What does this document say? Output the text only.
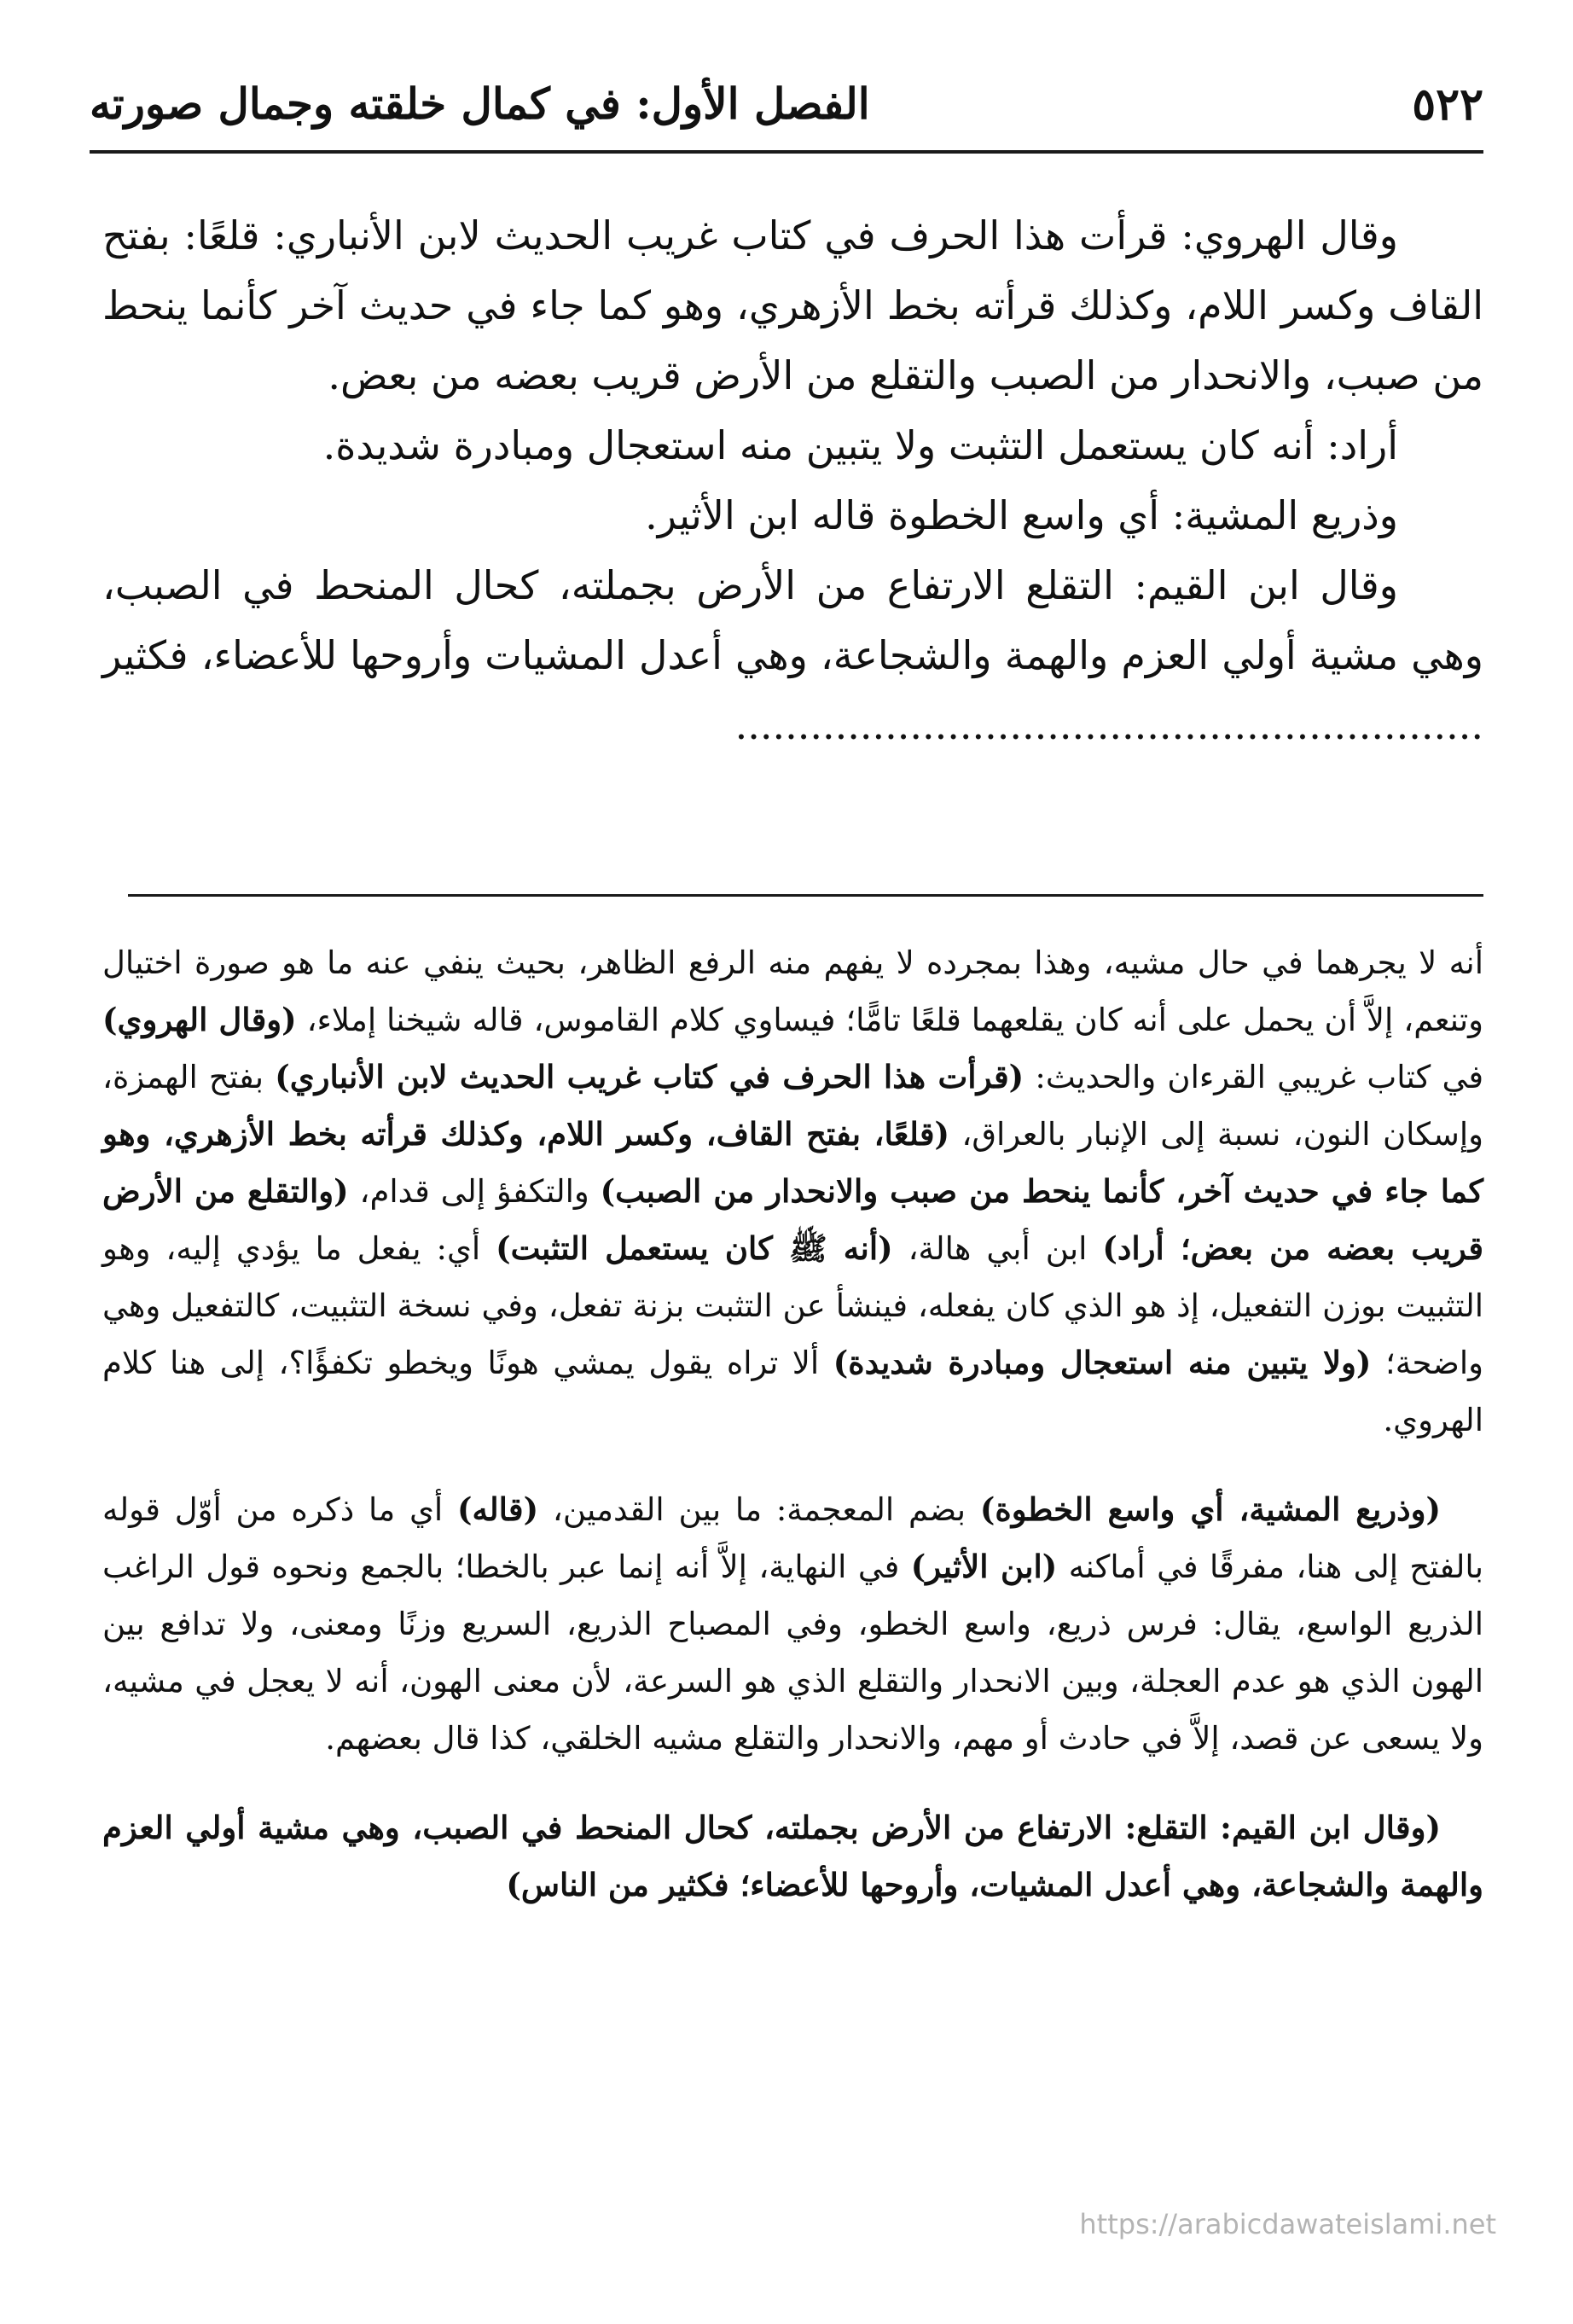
٥٢٢
الفصل الأول: في كمال خلقته وجمال صورته

وقال الهروي: قرأت هذا الحرف في كتاب غريب الحديث لابن الأنباري: قلعًا: بفتح القاف وكسر اللام، وكذلك قرأته بخط الأزهري، وهو كما جاء في حديث آخر كأنما ينحط من صبب، والانحدار من الصبب والتقلع من الأرض قريب بعضه من بعض.

أراد: أنه كان يستعمل التثبت ولا يتبين منه استعجال ومبادرة شديدة.

وذريع المشية: أي واسع الخطوة قاله ابن الأثير.

وقال ابن القيم: التقلع الارتفاع من الأرض بجملته، كحال المنحط في الصبب، وهي مشية أولي العزم والهمة والشجاعة، وهي أعدل المشيات وأروحها للأعضاء، فكثير ............................................................

أنه لا يجرهما في حال مشيه، وهذا بمجرده لا يفهم منه الرفع الظاهر، بحيث ينفي عنه ما هو صورة اختيال وتنعم، إلاَّ أن يحمل على أنه كان يقلعهما قلعًا تامًّا؛ فيساوي كلام القاموس، قاله شيخنا إملاء، (وقال الهروي) في كتاب غريبي القرءان والحديث: (قرأت هذا الحرف في كتاب غريب الحديث لابن الأنباري) بفتح الهمزة، وإسكان النون، نسبة إلى الإنبار بالعراق، (قلعًا، بفتح القاف، وكسر اللام، وكذلك قرأته بخط الأزهري، وهو كما جاء في حديث آخر، كأنما ينحط من صبب والانحدار من الصبب) والتكفؤ إلى قدام، (والتقلع من الأرض قريب بعضه من بعض؛ أراد) ابن أبي هالة، (أنه ﷺ كان يستعمل التثبت) أي: يفعل ما يؤدي إليه، وهو التثبيت بوزن التفعيل، إذ هو الذي كان يفعله، فينشأ عن التثبت بزنة تفعل، وفي نسخة التثبيت، كالتفعيل وهي واضحة؛ (ولا يتبين منه استعجال ومبادرة شديدة) ألا تراه يقول يمشي هونًا ويخطو تكفؤًا؟، إلى هنا كلام الهروي.

(وذريع المشية، أي واسع الخطوة) بضم المعجمة: ما بين القدمين، (قاله) أي ما ذكره من أوّل قوله بالفتح إلى هنا، مفرقًا في أماكنه (ابن الأثير) في النهاية، إلاَّ أنه إنما عبر بالخطا؛ بالجمع ونحوه قول الراغب الذريع الواسع، يقال: فرس ذريع، واسع الخطو، وفي المصباح الذريع، السريع وزنًا ومعنى، ولا تدافع بين الهون الذي هو عدم العجلة، وبين الانحدار والتقلع الذي هو السرعة، لأن معنى الهون، أنه لا يعجل في مشيه، ولا يسعى عن قصد، إلاَّ في حادث أو مهم، والانحدار والتقلع مشيه الخلقي، كذا قال بعضهم.

(وقال ابن القيم: التقلع: الارتفاع من الأرض بجملته، كحال المنحط في الصبب، وهي مشية أولي العزم والهمة والشجاعة، وهي أعدل المشيات، وأروحها للأعضاء؛ فكثير من الناس)

https://arabicdawateislami.net
